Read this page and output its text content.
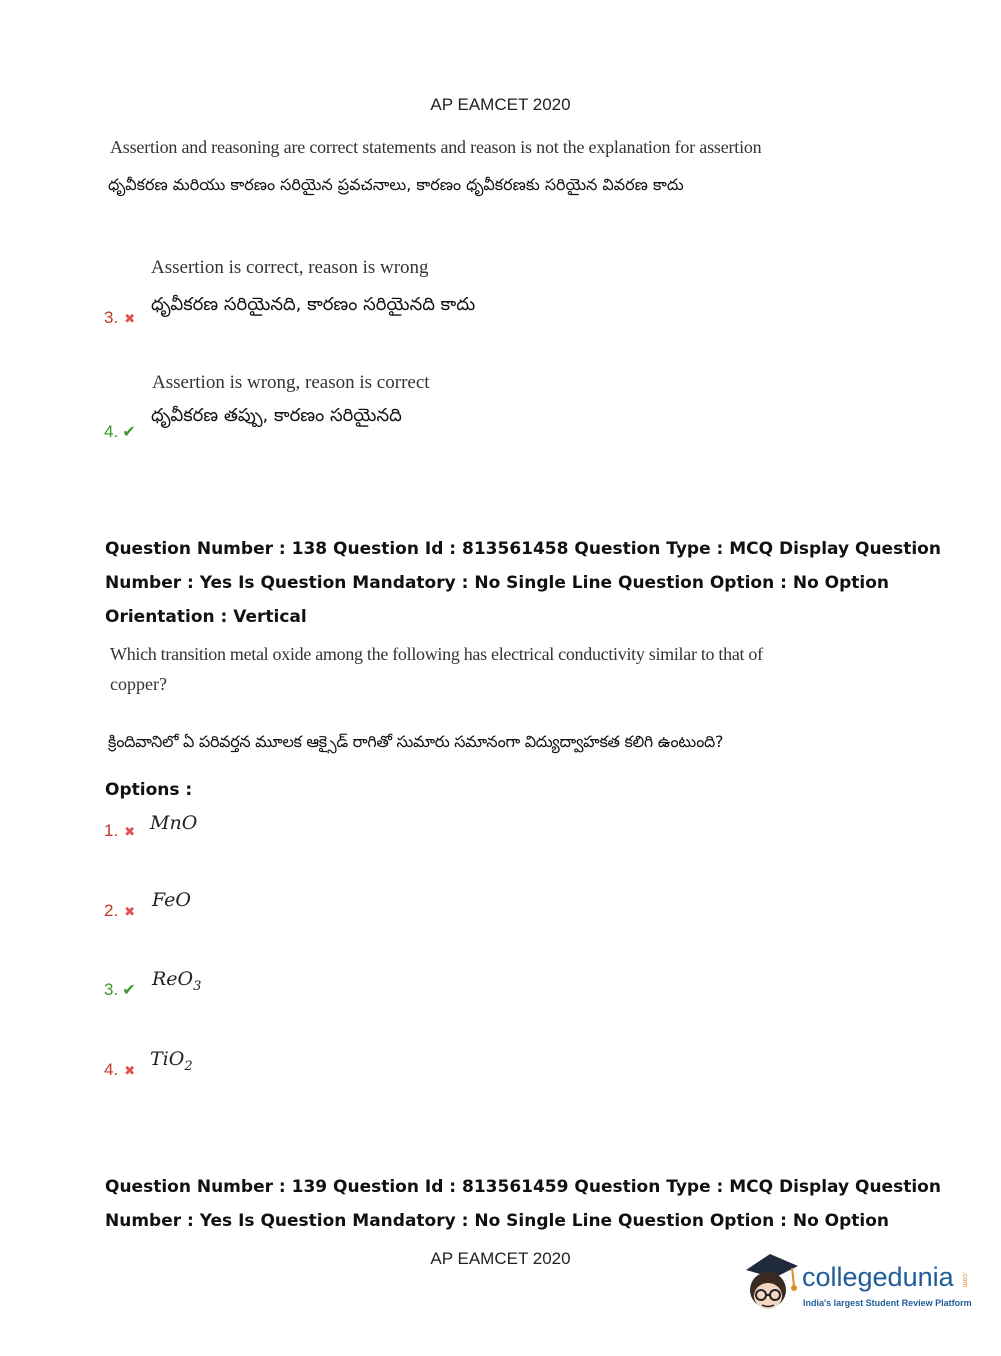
AP EAMCET 2020
Assertion and reasoning are correct statements and reason is not the explanation for assertion
ధృవీకరణ మరియు కారణం సరియైన ప్రవచనాలు, కారణం ధృవీకరణకు సరియైన వివరణ కాదు
Assertion is correct, reason is wrong
ధృవీకరణ సరియైనది, కారణం సరియైనది కాదు
3. ✖
Assertion is wrong, reason is correct
ధృవీకరణ తప్పు, కారణం సరియైనది
4. ✔
Question Number : 138 Question Id : 813561458 Question Type : MCQ Display Question
Number : Yes Is Question Mandatory : No Single Line Question Option : No Option
Orientation : Vertical
Which transition metal oxide among the following has electrical conductivity similar to that of
copper?
క్రిందివానిలో ఏ పరివర్తన మూలక ఆక్సైడ్ రాగితో సుమారు సమానంగా విద్యుద్వాహకత కలిగి ఉంటుంది?
Options :
1. ✖ MnO
2. ✖
FeO
3. ✔ ReO$_3$
4. ✖
TiO$_2$
Question Number : 139 Question Id : 813561459 Question Type : MCQ Display Question
Number : Yes Is Question Mandatory : No Single Line Question Option : No Option
AP EAMCET 2020
collegedunia .com
India's largest Student Review Platform
